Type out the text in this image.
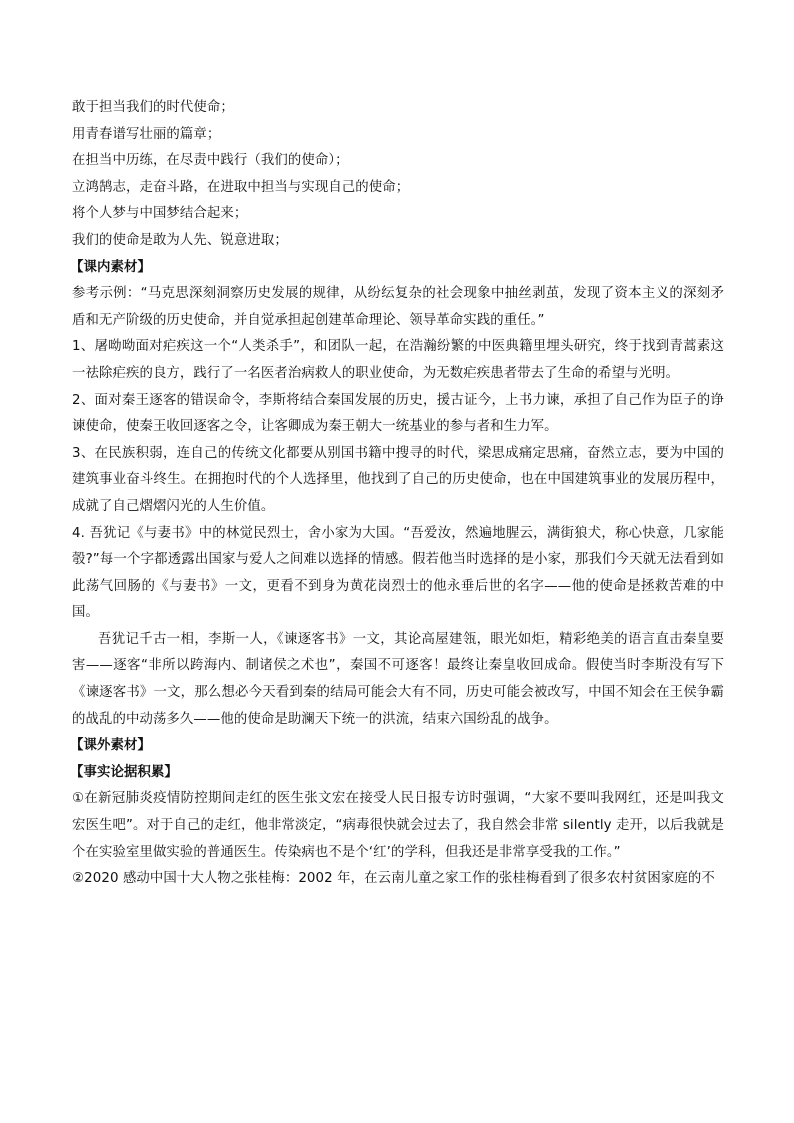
敢于担当我们的时代使命；
用青春谱写壮丽的篇章；
在担当中历练，在尽责中践行（我们的使命）；
立鸿鹄志，走奋斗路，在进取中担当与实现自己的使命；
将个人梦与中国梦结合起来；
我们的使命是敢为人先、锐意进取；
【课内素材】

参考示例：“马克思深刻洞察历史发展的规律，从纷纭复杂的社会现象中抽丝剥茧，发现了资本主义的深刻矛盾和无产阶级的历史使命，并自觉承担起创建革命理论、领导革命实践的重任。”

1、屠呦呦面对疟疾这一个“人类杀手”，和团队一起，在浩瀚纷繁的中医典籍里埋头研究，终于找到青蒿素这一祛除疟疾的良方，践行了一名医者治病救人的职业使命，为无数疟疾患者带去了生命的希望与光明。

2、面对秦王逐客的错误命令，李斯将结合秦国发展的历史，援古证今，上书力谏，承担了自己作为臣子的诤谏使命，使秦王收回逐客之令，让客卿成为秦王朝大一统基业的参与者和生力军。

3、在民族积弱，连自己的传统文化都要从别国书籍中搜寻的时代，梁思成痛定思痛，奋然立志，要为中国的建筑事业奋斗终生。在拥抱时代的个人选择里，他找到了自己的历史使命，也在中国建筑事业的发展历程中，成就了自己熠熠闪光的人生价值。

4. 吾犹记《与妻书》中的林觉民烈士，舍小家为大国。“吾爱汝，然遍地腥云，满街狼犬，称心快意，几家能彀?”每一个字都透露出国家与爱人之间难以选择的情感。假若他当时选择的是小家，那我们今天就无法看到如此荡气回肠的《与妻书》一文，更看不到身为黄花岗烈士的他永垂后世的名字——他的使命是拯救苦难的中国。

吾犹记千古一相，李斯一人，《谏逐客书》一文，其论高屋建瓴，眼光如炬，精彩绝美的语言直击秦皇要害——逐客“非所以跨海内、制诸侯之术也”，秦国不可逐客！最终让秦皇收回成命。假使当时李斯没有写下《谏逐客书》一文，那么想必今天看到秦的结局可能会大有不同，历史可能会被改写，中国不知会在王侯争霸的战乱的中动荡多久——他的使命是助澜天下统一的洪流，结束六国纷乱的战争。

【课外素材】
【事实论据积累】

①在新冠肺炎疫情防控期间走红的医生张文宏在接受人民日报专访时强调，“大家不要叫我网红，还是叫我文宏医生吧”。对于自己的走红，他非常淡定，“病毒很快就会过去了，我自然会非常 silently 走开，以后我就是个在实验室里做实验的普通医生。传染病也不是个‘红’的学科，但我还是非常享受我的工作。”

②2020 感动中国十大人物之张桂梅：2002 年，在云南儿童之家工作的张桂梅看到了很多农村贫困家庭的不
